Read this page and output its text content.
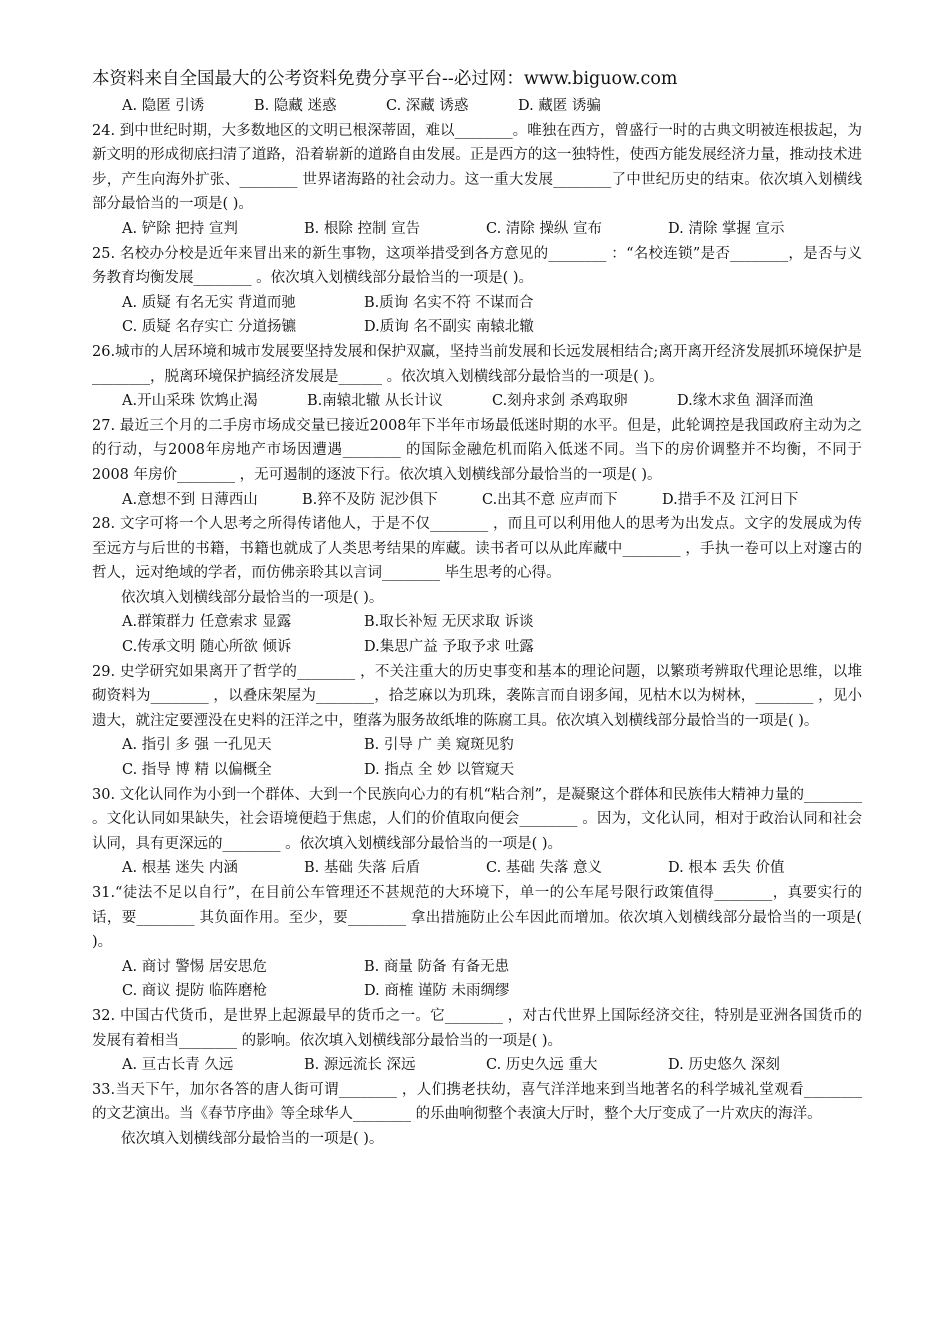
本资料来自全国最大的公考资料免费分享平台--必过网：www.biguow.com
A. 隐匿 引诱	B. 隐藏 迷惑	C. 深藏 诱惑	D. 藏匿 诱骗

24. 到中世纪时期，大多数地区的文明已根深蒂固，难以________。唯独在西方，曾盛行一时的古典文明被连根拔起，为新文明的形成彻底扫清了道路，沿着崭新的道路自由发展。正是西方的这一独特性，使西方能发展经济力量，推动技术进步，产生向海外扩张、________ 世界诸海路的社会动力。这一重大发展________了中世纪历史的结束。依次填入划横线部分最恰当的一项是( )。

A. 铲除 把持 宣判	B. 根除 控制 宣告	C. 清除 操纵 宣布	D. 清除 掌握 宣示

25. 名校办分校是近年来冒出来的新生事物，这项举措受到各方意见的________ ：“名校连锁”是否________，是否与义务教育均衡发展________ 。依次填入划横线部分最恰当的一项是( )。

A. 质疑 有名无实 背道而驰	B.质询 名实不符 不谋而合
C. 质疑 名存实亡 分道扬镳	D.质询 名不副实 南辕北辙

26.城市的人居环境和城市发展要坚持发展和保护双赢，坚持当前发展和长远发展相结合;离开离开经济发展抓环境保护是________，脱离环境保护搞经济发展是______ 。依次填入划横线部分最恰当的一项是( )。

A.开山采珠 饮鸩止渴	B.南辕北辙 从长计议	C.刻舟求剑 杀鸡取卵	D.缘木求鱼 涸泽而渔

27. 最近三个月的二手房市场成交量已接近2008年下半年市场最低迷时期的水平。但是，此轮调控是我国政府主动为之的行动，与2008年房地产市场因遭遇________ 的国际金融危机而陷入低迷不同。当下的房价调整并不均衡，不同于 2008 年房价________ ，无可遏制的逐波下行。依次填入划横线部分最恰当的一项是( )。

A.意想不到 日薄西山	B.猝不及防 泥沙俱下	C.出其不意 应声而下	D.措手不及 江河日下

28. 文字可将一个人思考之所得传诸他人，于是不仅________ ，而且可以利用他人的思考为出发点。文字的发展成为传至远方与后世的书籍，书籍也就成了人类思考结果的库藏。读书者可以从此库藏中________ ，手执一卷可以上对邃古的哲人，远对绝域的学者，而仿佛亲聆其以言词________ 毕生思考的心得。

依次填入划横线部分最恰当的一项是( )。

A.群策群力 任意索求 显露	B.取长补短 无厌求取 诉谈
C.传承文明 随心所欲 倾诉	D.集思广益 予取予求 吐露

29. 史学研究如果离开了哲学的________ ，不关注重大的历史事变和基本的理论问题，以繁琐考辨取代理论思维，以堆砌资料为________ ，以叠床架屋为________，拾芝麻以为玑珠，袭陈言而自诩多闻，见枯木以为树林，________ ，见小遗大，就注定要湮没在史料的汪洋之中，堕落为服务故纸堆的陈腐工具。依次填入划横线部分最恰当的一项是( )。

A. 指引 多 强 一孔见天	B. 引导 广 美 窥斑见豹
C. 指导 博 精 以偏概全	D. 指点 全 妙 以管窥天

30. 文化认同作为小到一个群体、大到一个民族向心力的有机“粘合剂”，是凝聚这个群体和民族伟大精神力量的________ 。文化认同如果缺失，社会语境便趋于焦虑，人们的价值取向便会________ 。因为，文化认同，相对于政治认同和社会认同，具有更深远的________ 。依次填入划横线部分最恰当的一项是( )。

A. 根基 迷失 内涵	B. 基础 失落 后盾	C. 基础 失落 意义	D. 根本 丢失 价值

31.“徒法不足以自行”，在目前公车管理还不甚规范的大环境下，单一的公车尾号限行政策值得________，真要实行的话，要________ 其负面作用。至少，要________ 拿出措施防止公车因此而增加。依次填入划横线部分最恰当的一项是( )。

A. 商讨 警惕 居安思危	B. 商量 防备 有备无患
C. 商议 提防 临阵磨枪	D. 商榷 谨防 未雨绸缪

32. 中国古代货币，是世界上起源最早的货币之一。它________ ，对古代世界上国际经济交往，特别是亚洲各国货币的发展有着相当________ 的影响。依次填入划横线部分最恰当的一项是( )。

A. 亘古长青 久远	B. 源远流长 深远	C. 历史久远 重大	D. 历史悠久 深刻

33.当天下午，加尔各答的唐人街可谓________ ，人们携老扶幼，喜气洋洋地来到当地著名的科学城礼堂观看________ 的文艺演出。当《春节序曲》等全球华人________ 的乐曲响彻整个表演大厅时，整个大厅变成了一片欢庆的海洋。

依次填入划横线部分最恰当的一项是( )。
